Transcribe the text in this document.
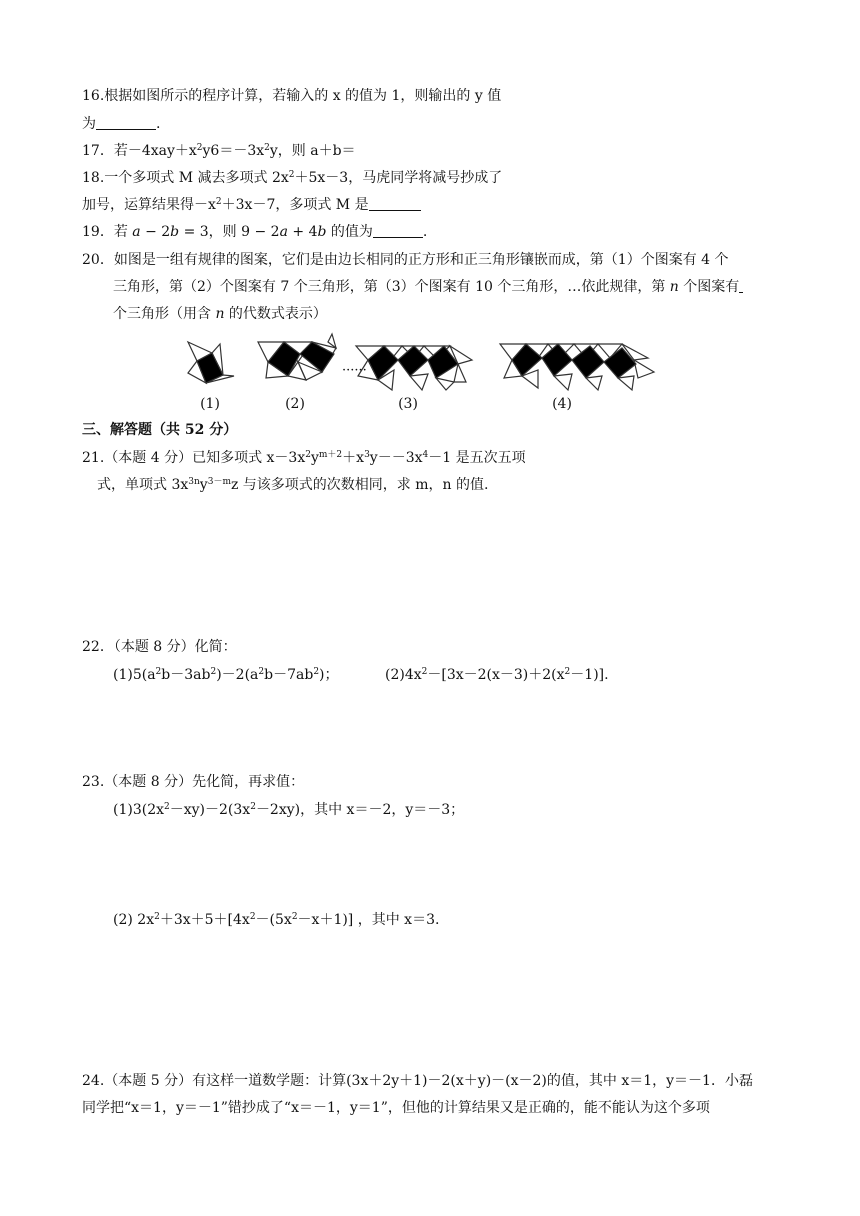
16.根据如图所示的程序计算，若输入的 x 的值为 1，则输出的 y 值
为	.
17．若$-4xay+x^2y6=-3x^2y$，则 a＋b＝
18.一个多项式 M 减去多项式 $2x^2+5x-3$，马虎同学将减号抄成了
加号，运算结果得$-x^2+3x-7$，多项式 M 是
19．若 a − 2b = 3，则 9 − 2a + 4b 的值为	.
20．如图是一组有规律的图案，它们是由边长相同的正方形和正三角形镶嵌而成，第（1）个图案有 4 个
三角形，第（2）个图案有 7 个三角形，第（3）个图案有 10 个三角形，…依此规律，第 n 个图案有
个三角形（用含 n 的代数式表示）
······
(1)	(2)	(3)	(4)
三、解答题（共 52 分）
21.（本题 4 分）已知多项式 $x-3x^2y^{m+2}+x^3y--3x^4-1$ 是五次五项
式，单项式 $3x^{3n}y^{3-m}z$ 与该多项式的次数相同，求 m，n 的值.
22．（本题 8 分）化简：
$(1)5(a^2b-3ab^2)-2(a^2b-7ab^2)$；	$(2)4x^2-[3x-2(x-3)+2(x^2-1)]$.
23.（本题 8 分）先化简，再求值：
$(1)3(2x^2-xy)-2(3x^2-2xy)$，其中 x＝－2，y＝－3；
(2) $2x^2+3x+5+[4x^2-(5x^2-x+1)]$ ，其中 x＝3.
24.（本题 5 分）有这样一道数学题：计算(3x＋2y＋1)－2(x＋y)－(x－2)的值，其中 x＝1，y＝－1．小磊
同学把“x＝1，y＝－1”错抄成了“x＝－1，y＝1”，但他的计算结果又是正确的，能不能认为这个多项
